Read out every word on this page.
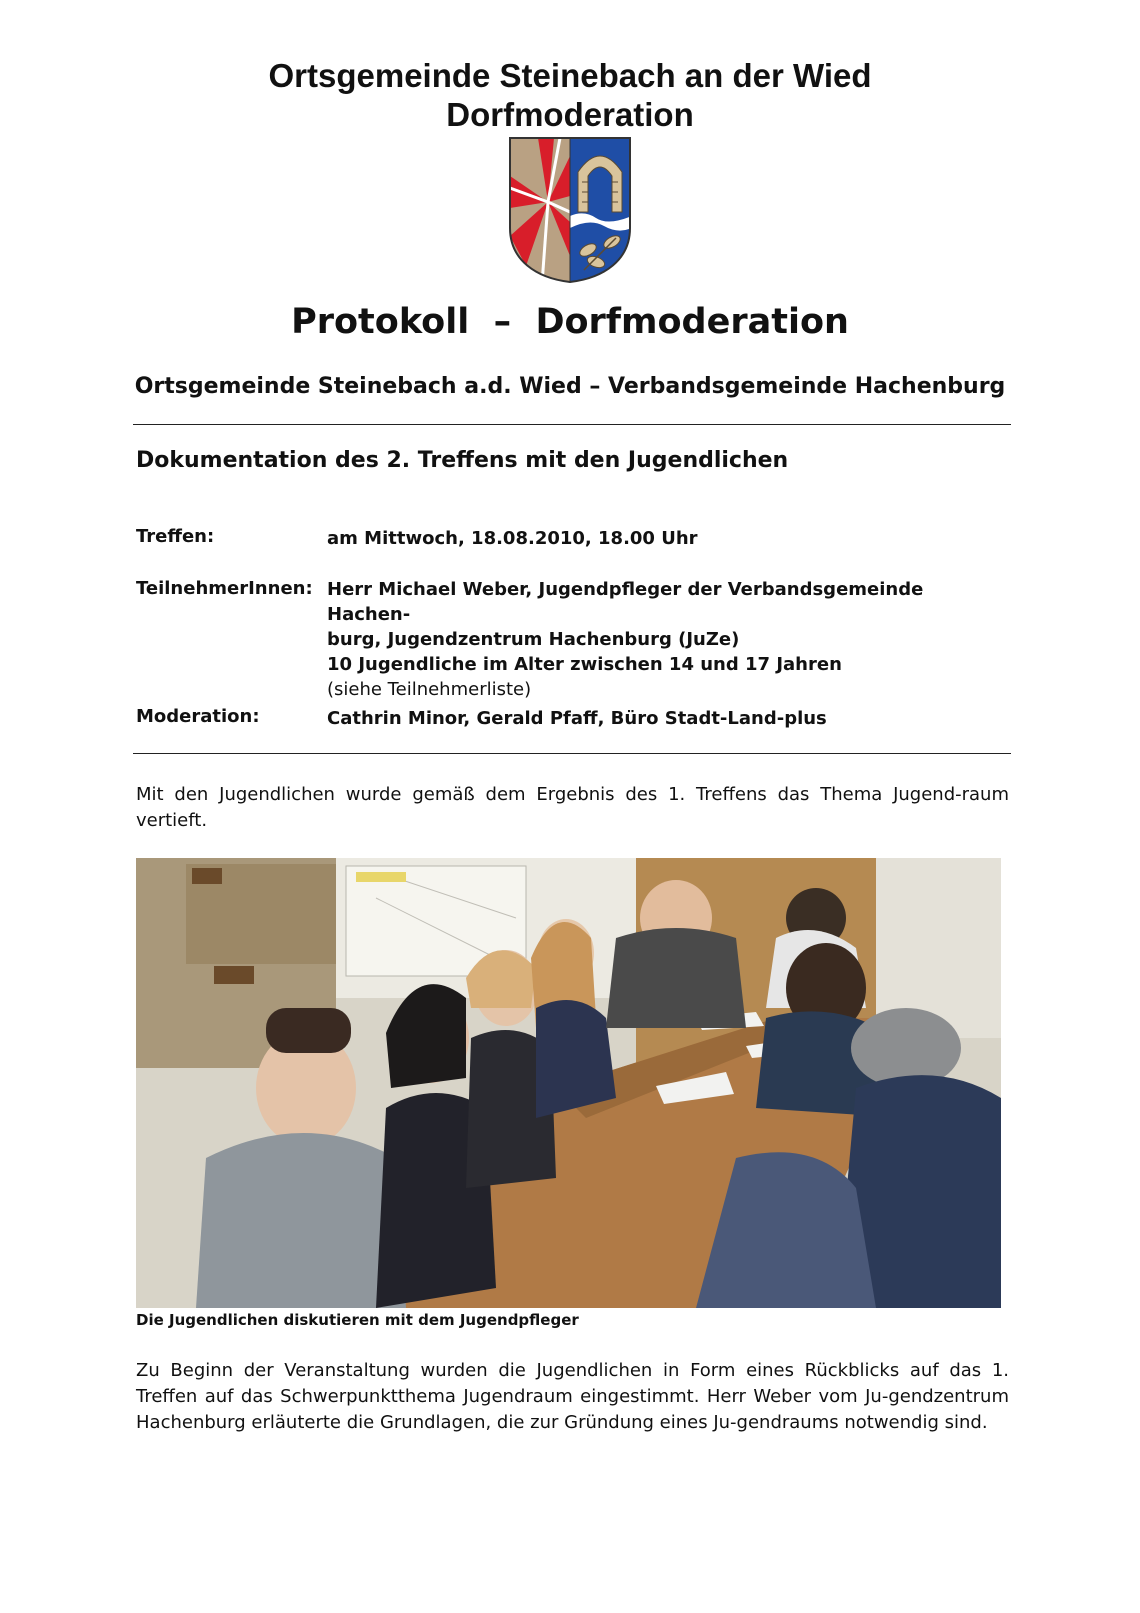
Ortsgemeinde Steinebach an der Wied
Dorfmoderation
Protokoll  –  Dorfmoderation
Ortsgemeinde Steinebach a.d. Wied – Verbandsgemeinde Hachenburg
Dokumentation des 2. Treffens mit den Jugendlichen
Treffen:	am Mittwoch, 18.08.2010, 18.00 Uhr
TeilnehmerInnen: Herr Michael Weber, Jugendpfleger der Verbandsgemeinde Hachen-
burg, Jugendzentrum Hachenburg (JuZe)
10 Jugendliche im Alter zwischen 14 und 17 Jahren
(siehe Teilnehmerliste)
Moderation:	Cathrin Minor, Gerald Pfaff, Büro Stadt-Land-plus
Mit den Jugendlichen wurde gemäß dem Ergebnis des 1. Treffens das Thema Jugend-raum vertieft.
Die Jugendlichen diskutieren mit dem Jugendpfleger
Zu Beginn der Veranstaltung wurden die Jugendlichen in Form eines Rückblicks auf das 1. Treffen auf das Schwerpunktthema Jugendraum eingestimmt. Herr Weber vom Ju-gendzentrum Hachenburg erläuterte die Grundlagen, die zur Gründung eines Ju-gendraums notwendig sind.
